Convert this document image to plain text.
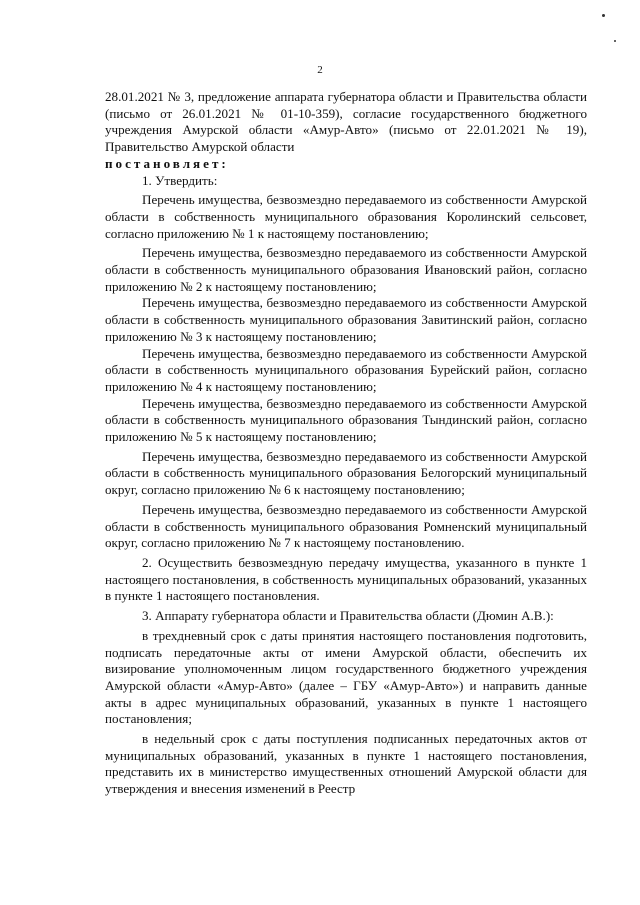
2

28.01.2021 № 3, предложение аппарата губернатора области и Правительства области (письмо от 26.01.2021 № 01-10-359), согласие государственного бюджетного учреждения Амурской области «Амур-Авто» (письмо от 22.01.2021 № 19), Правительство Амурской области

постановляет:

1. Утвердить:

Перечень имущества, безвозмездно передаваемого из собственности Амурской области в собственность муниципального образования Королинский сельсовет, согласно приложению № 1 к настоящему постановлению;

Перечень имущества, безвозмездно передаваемого из собственности Амурской области в собственность муниципального образования Ивановский район, согласно приложению № 2 к настоящему постановлению;

Перечень имущества, безвозмездно передаваемого из собственности Амурской области в собственность муниципального образования Завитинский район, согласно приложению № 3 к настоящему постановлению;

Перечень имущества, безвозмездно передаваемого из собственности Амурской области в собственность муниципального образования Бурейский район, согласно приложению № 4 к настоящему постановлению;

Перечень имущества, безвозмездно передаваемого из собственности Амурской области в собственность муниципального образования Тындинский район, согласно приложению № 5 к настоящему постановлению;

Перечень имущества, безвозмездно передаваемого из собственности Амурской области в собственность муниципального образования Белогорский муниципальный округ, согласно приложению № 6 к настоящему постановлению;

Перечень имущества, безвозмездно передаваемого из собственности Амурской области в собственность муниципального образования Ромненский муниципальный округ, согласно приложению № 7 к настоящему постановлению.

2. Осуществить безвозмездную передачу имущества, указанного в пункте 1 настоящего постановления, в собственность муниципальных образований, указанных в пункте 1 настоящего постановления.

3. Аппарату губернатора области и Правительства области (Дюмин А.В.):

в трехдневный срок с даты принятия настоящего постановления подготовить, подписать передаточные акты от имени Амурской области, обеспечить их визирование уполномоченным лицом государственного бюджетного учреждения Амурской области «Амур-Авто» (далее – ГБУ «Амур-Авто») и направить данные акты в адрес муниципальных образований, указанных в пункте 1 настоящего постановления;

в недельный срок с даты поступления подписанных передаточных актов от муниципальных образований, указанных в пункте 1 настоящего постановления, представить их в министерство имущественных отношений Амурской области для утверждения и внесения изменений в Реестр
